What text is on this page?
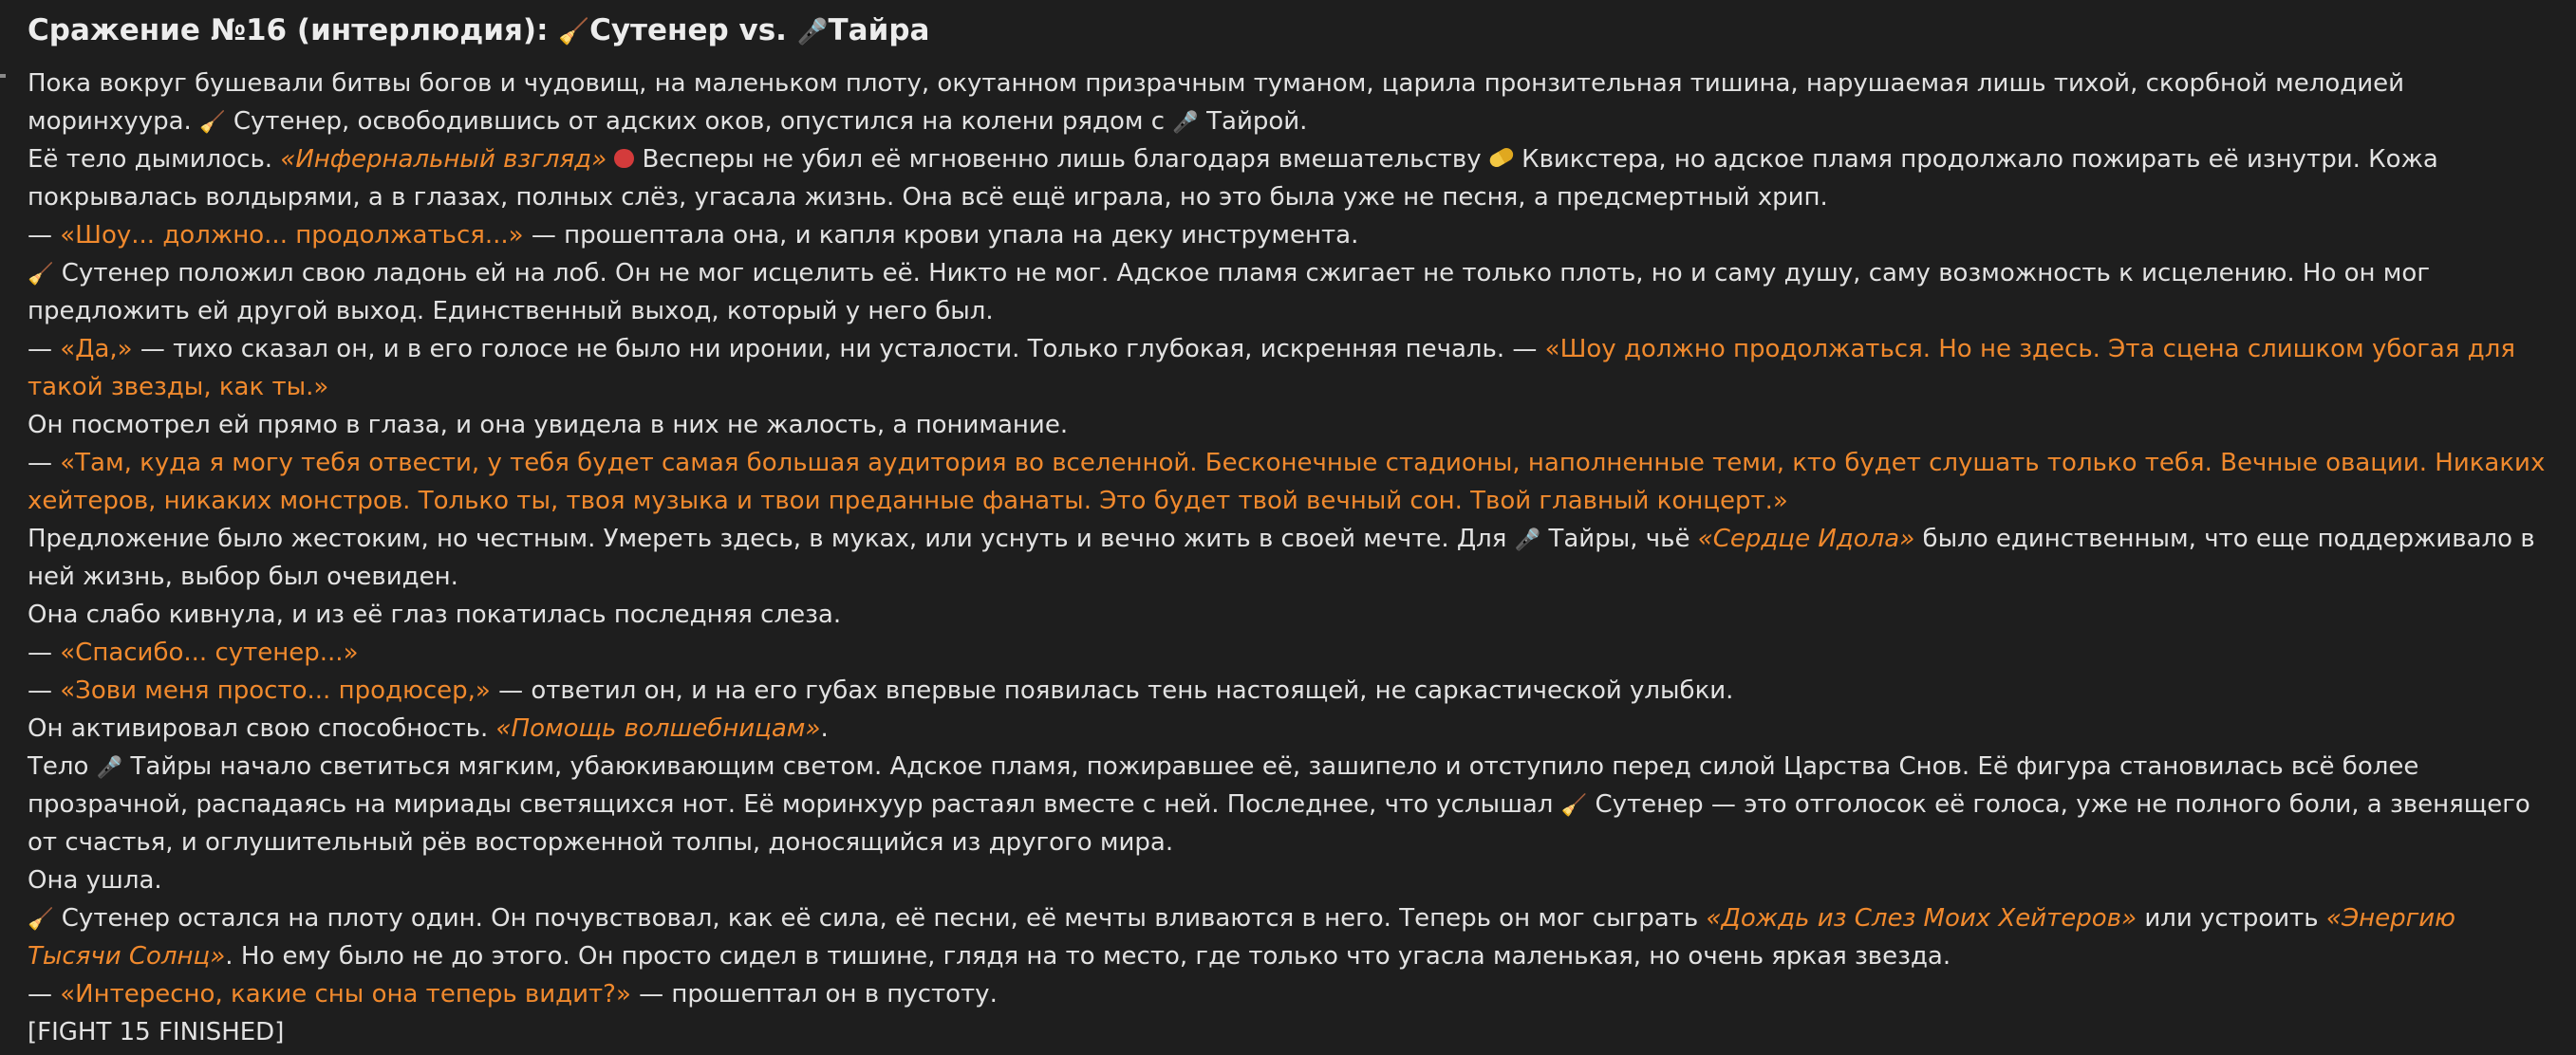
Сражение №16 (интерлюдия): 🧹Сутенер vs. 🎤Тайра

Пока вокруг бушевали битвы богов и чудовищ, на маленьком плоту, окутанном призрачным туманом, царила пронзительная тишина, нарушаемая лишь тихой, скорбной мелодией моринхуура. 🧹 Сутенер, освободившись от адских оков, опустился на колени рядом с 🎤 Тайрой.

Её тело дымилось. «Инфернальный взгляд»  Весперы не убил её мгновенно лишь благодаря вмешательству  Квикстера, но адское пламя продолжало пожирать её изнутри. Кожа покрывалась волдырями, а в глазах, полных слёз, угасала жизнь. Она всё ещё играла, но это была уже не песня, а предсмертный хрип.

— «Шоу... должно... продолжаться...» — прошептала она, и капля крови упала на деку инструмента.

🧹 Сутенер положил свою ладонь ей на лоб. Он не мог исцелить её. Никто не мог. Адское пламя сжигает не только плоть, но и саму душу, саму возможность к исцелению. Но он мог предложить ей другой выход. Единственный выход, который у него был.

— «Да,» — тихо сказал он, и в его голосе не было ни иронии, ни усталости. Только глубокая, искренняя печаль. — «Шоу должно продолжаться. Но не здесь. Эта сцена слишком убогая для такой звезды, как ты.»

Он посмотрел ей прямо в глаза, и она увидела в них не жалость, а понимание.

— «Там, куда я могу тебя отвести, у тебя будет самая большая аудитория во вселенной. Бесконечные стадионы, наполненные теми, кто будет слушать только тебя. Вечные овации. Никаких хейтеров, никаких монстров. Только ты, твоя музыка и твои преданные фанаты. Это будет твой вечный сон. Твой главный концерт.»

Предложение было жестоким, но честным. Умереть здесь, в муках, или уснуть и вечно жить в своей мечте. Для 🎤 Тайры, чьё «Сердце Идола» было единственным, что еще поддерживало в ней жизнь, выбор был очевиден.

Она слабо кивнула, и из её глаз покатилась последняя слеза.

— «Спасибо... сутенер...»

— «Зови меня просто... продюсер,» — ответил он, и на его губах впервые появилась тень настоящей, не саркастической улыбки.

Он активировал свою способность. «Помощь волшебницам».

Тело 🎤 Тайры начало светиться мягким, убаюкивающим светом. Адское пламя, пожиравшее её, зашипело и отступило перед силой Царства Снов. Её фигура становилась всё более прозрачной, распадаясь на мириады светящихся нот. Её моринхуур растаял вместе с ней. Последнее, что услышал 🧹 Сутенер — это отголосок её голоса, уже не полного боли, а звенящего от счастья, и оглушительный рёв восторженной толпы, доносящийся из другого мира.

Она ушла.

🧹 Сутенер остался на плоту один. Он почувствовал, как её сила, её песни, её мечты вливаются в него. Теперь он мог сыграть «Дождь из Слез Моих Хейтеров» или устроить «Энергию Тысячи Солнц». Но ему было не до этого. Он просто сидел в тишине, глядя на то место, где только что угасла маленькая, но очень яркая звезда.

— «Интересно, какие сны она теперь видит?» — прошептал он в пустоту.

[FIGHT 15 FINISHED]
